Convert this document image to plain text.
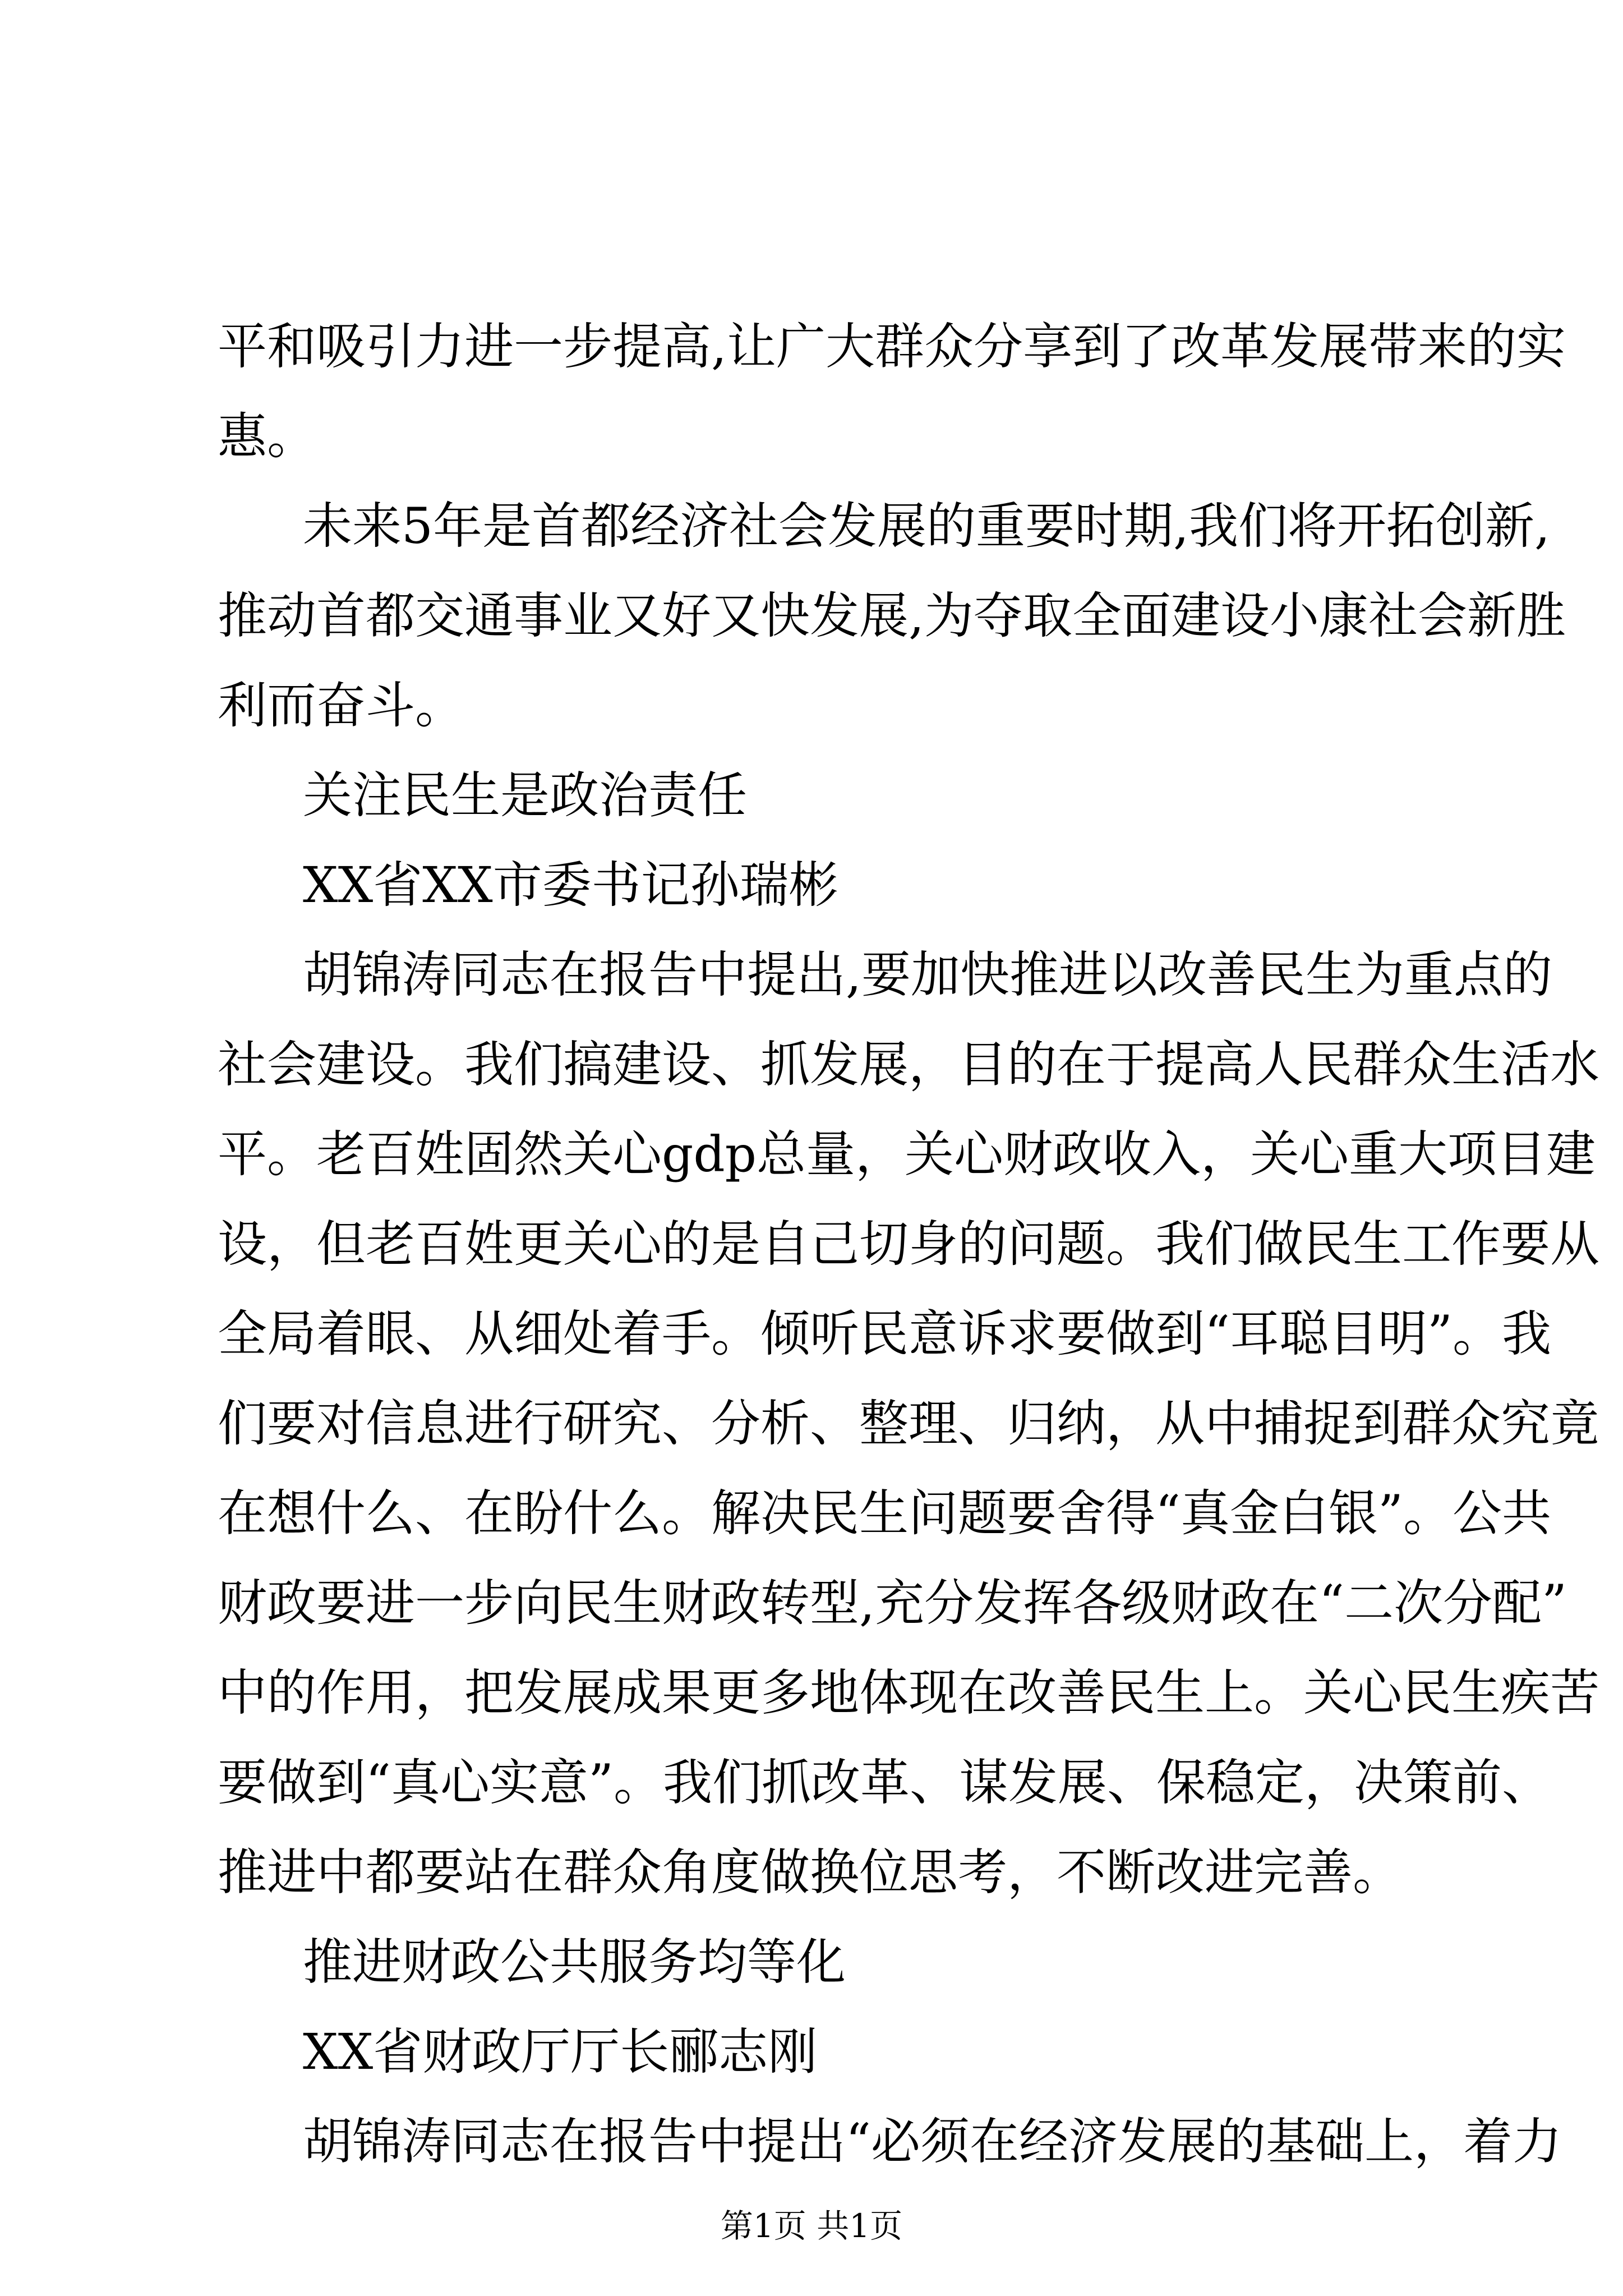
平和吸引力进一步提高,让广大群众分享到了改革发展带来的实
惠。
未来5年是首都经济社会发展的重要时期,我们将开拓创新,
推动首都交通事业又好又快发展,为夺取全面建设小康社会新胜
利而奋斗。
关注民生是政治责任
XX省XX市委书记孙瑞彬
胡锦涛同志在报告中提出,要加快推进以改善民生为重点的
社会建设。我们搞建设、抓发展，目的在于提高人民群众生活水
平。老百姓固然关心gdp总量，关心财政收入，关心重大项目建
设，但老百姓更关心的是自己切身的问题。我们做民生工作要从
全局着眼、从细处着手。倾听民意诉求要做到“耳聪目明”。我
们要对信息进行研究、分析、整理、归纳，从中捕捉到群众究竟
在想什么、在盼什么。解决民生问题要舍得“真金白银”。公共
财政要进一步向民生财政转型,充分发挥各级财政在“二次分配”
中的作用，把发展成果更多地体现在改善民生上。关心民生疾苦
要做到“真心实意”。我们抓改革、谋发展、保稳定，决策前、
推进中都要站在群众角度做换位思考，不断改进完善。
推进财政公共服务均等化
XX省财政厅厅长郦志刚
胡锦涛同志在报告中提出“必须在经济发展的基础上，着力
第1页 共1页
